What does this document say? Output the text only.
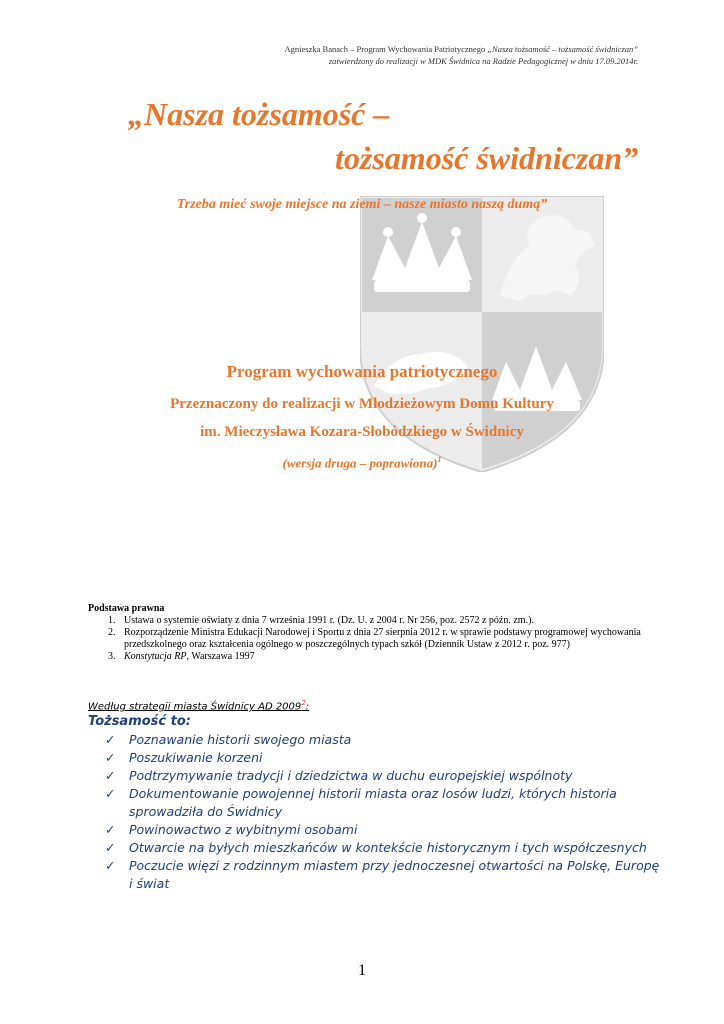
Agnieszka Banach – Program Wychowania Patriotycznego „Nasza tożsamość – tożsamość świdniczan”
zatwierdzony do realizacji w MDK Świdnica na Radzie Pedagogicznej w dniu 17.09.2014r.
„Nasza tożsamość –
tożsamość świdniczan”
Trzeba mieć swoje miejsce na ziemi – nasze miasto naszą dumą”
Program wychowania patriotycznego
Przeznaczony do realizacji w Młodzieżowym Domu Kultury
im. Mieczysława Kozara-Słobódzkiego w Świdnicy
(wersja druga – poprawiona)$^1$
Podstawa prawna
1. Ustawa o systemie oświaty z dnia 7 września 1991 r. (Dz. U. z 2004 r. Nr 256, poz. 2572 z późn. zm.).
2. Rozporządzenie Ministra Edukacji Narodowej i Sportu z dnia 27 sierpnia 2012 r. w sprawie podstawy programowej wychowania przedszkolnego oraz kształcenia ogólnego w poszczególnych typach szkół (Dziennik Ustaw z 2012 r. poz. 977)
3. Konstytucja RP, Warszawa 1997
Według strategii miasta Świdnicy AD 2009$^2$:
Tożsamość to:
✓ Poznawanie historii swojego miasta
✓ Poszukiwanie korzeni
✓ Podtrzymywanie tradycji i dziedzictwa w duchu europejskiej wspólnoty
✓ Dokumentowanie powojennej historii miasta oraz losów ludzi, których historia sprowadziła do Świdnicy
✓ Powinowactwo z wybitnymi osobami
✓ Otwarcie na byłych mieszkańców w kontekście historycznym i tych współczesnych
✓ Poczucie więzi z rodzinnym miastem przy jednoczesnej otwartości na Polskę, Europę i świat
1
